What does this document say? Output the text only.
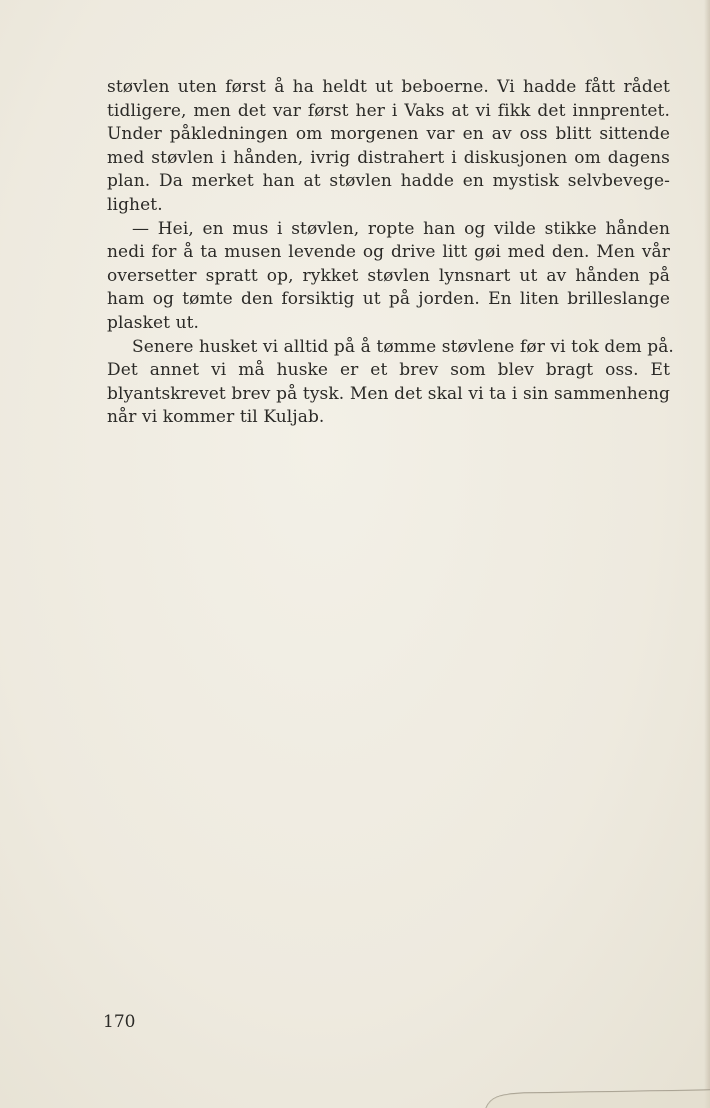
støvlen uten først å ha heldt ut beboerne. Vi hadde fått rådet
tidligere, men det var først her i Vaks at vi fikk det innprentet.
Under påkledningen om morgenen var en av oss blitt sittende
med støvlen i hånden, ivrig distrahert i diskusjonen om dagens
plan. Da merket han at støvlen hadde en mystisk selvbevege-
lighet.
— Hei, en mus i støvlen, ropte han og vilde stikke hånden
nedi for å ta musen levende og drive litt gøi med den. Men vår
oversetter spratt op, rykket støvlen lynsnart ut av hånden på
ham og tømte den forsiktig ut på jorden. En liten brilleslange
plasket ut.
Senere husket vi alltid på å tømme støvlene før vi tok dem på.
Det annet vi må huske er et brev som blev bragt oss. Et
blyantskrevet brev på tysk. Men det skal vi ta i sin sammenheng
når vi kommer til Kuljab.
170
